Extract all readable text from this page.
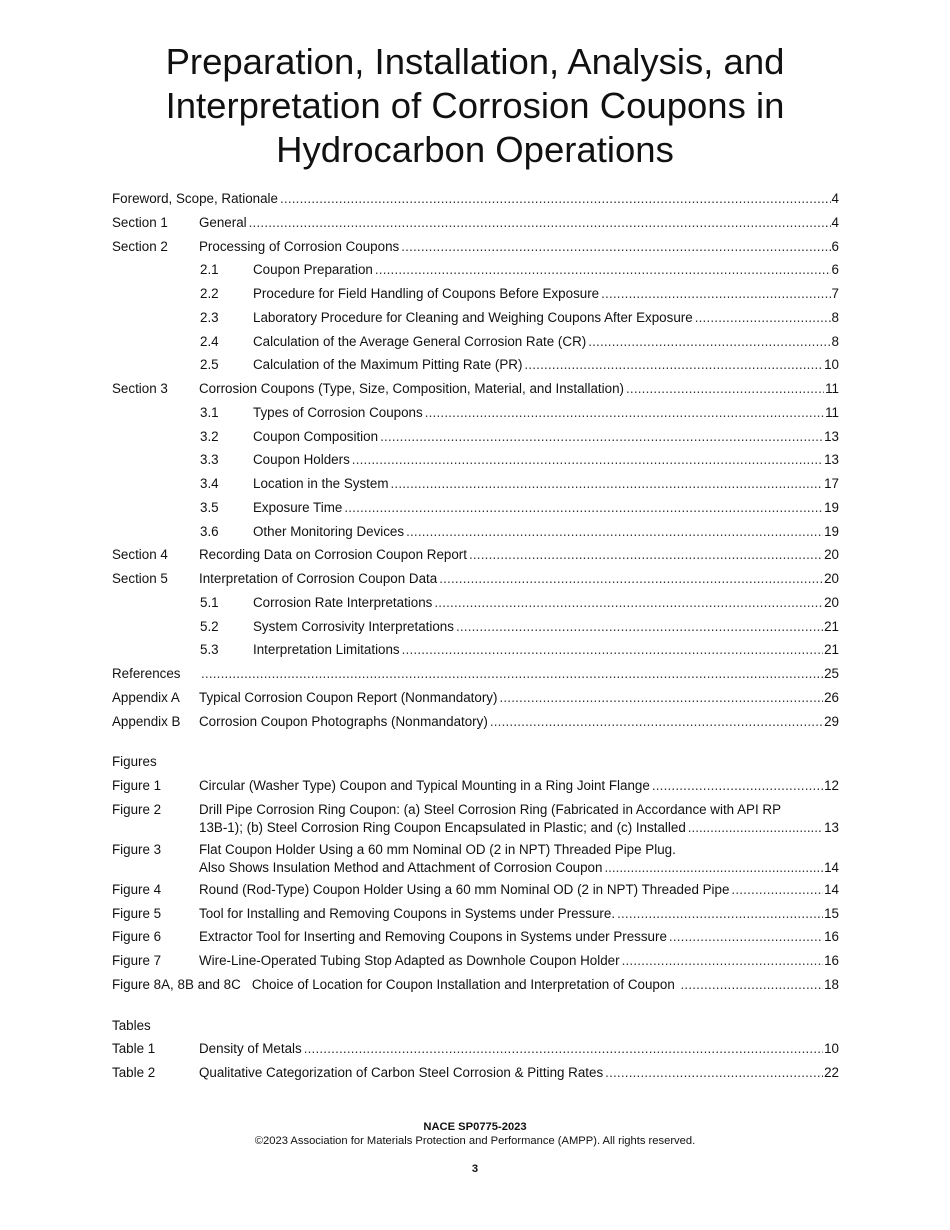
Preparation, Installation, Analysis, and
Interpretation of Corrosion Coupons in
Hydrocarbon Operations
Foreword, Scope, Rationale .....	4
Section 1 General .....	4
Section 2 Processing of Corrosion Coupons .....	6
2.1	Coupon Preparation .....	6
2.2	Procedure for Field Handling of Coupons Before Exposure .....	7
2.3	Laboratory Procedure for Cleaning and Weighing Coupons After Exposure .....	8
2.4	Calculation of the Average General Corrosion Rate (CR) .....	8
2.5	Calculation of the Maximum Pitting Rate (PR) .....	10
Section 3 Corrosion Coupons (Type, Size, Composition, Material, and Installation) .....	11
3.1	Types of Corrosion Coupons .....	11
3.2	Coupon Composition .....	13
3.3	Coupon Holders .....	13
3.4	Location in the System .....	17
3.5	Exposure Time .....	19
3.6	Other Monitoring Devices .....	19
Section 4 Recording Data on Corrosion Coupon Report .....	20
Section 5 Interpretation of Corrosion Coupon Data .....	20
5.1	Corrosion Rate Interpretations .....	20
5.2	System Corrosivity Interpretations .....	21
5.3	Interpretation Limitations .....	21
References .....	25
Appendix A Typical Corrosion Coupon Report (Nonmandatory) .....	26
Appendix B Corrosion Coupon Photographs (Nonmandatory) .....	29
Figures
Figure 1	Circular (Washer Type) Coupon and Typical Mounting in a Ring Joint Flange .....	12
Figure 2	Drill Pipe Corrosion Ring Coupon: (a) Steel Corrosion Ring (Fabricated in Accordance with API RP
13B-1); (b) Steel Corrosion Ring Coupon Encapsulated in Plastic; and (c) Installed .....	13
Figure 3	Flat Coupon Holder Using a 60 mm Nominal OD (2 in NPT) Threaded Pipe Plug.
Also Shows Insulation Method and Attachment of Corrosion Coupon .....	14
Figure 4	Round (Rod-Type) Coupon Holder Using a 60 mm Nominal OD (2 in NPT) Threaded Pipe .....	14
Figure 5	Tool for Installing and Removing Coupons in Systems under Pressure. .....	15
Figure 6	Extractor Tool for Inserting and Removing Coupons in Systems under Pressure .....	16
Figure 7	Wire-Line-Operated Tubing Stop Adapted as Downhole Coupon Holder .....	16
Figure 8A, 8B and 8C   Choice of Location for Coupon Installation and Interpretation of Coupon .....	18
Tables
Table 1	Density of Metals .....	10
Table 2	Qualitative Categorization of Carbon Steel Corrosion & Pitting Rates .....	22
NACE SP0775-2023
©2023 Association for Materials Protection and Performance (AMPP). All rights reserved.
3
